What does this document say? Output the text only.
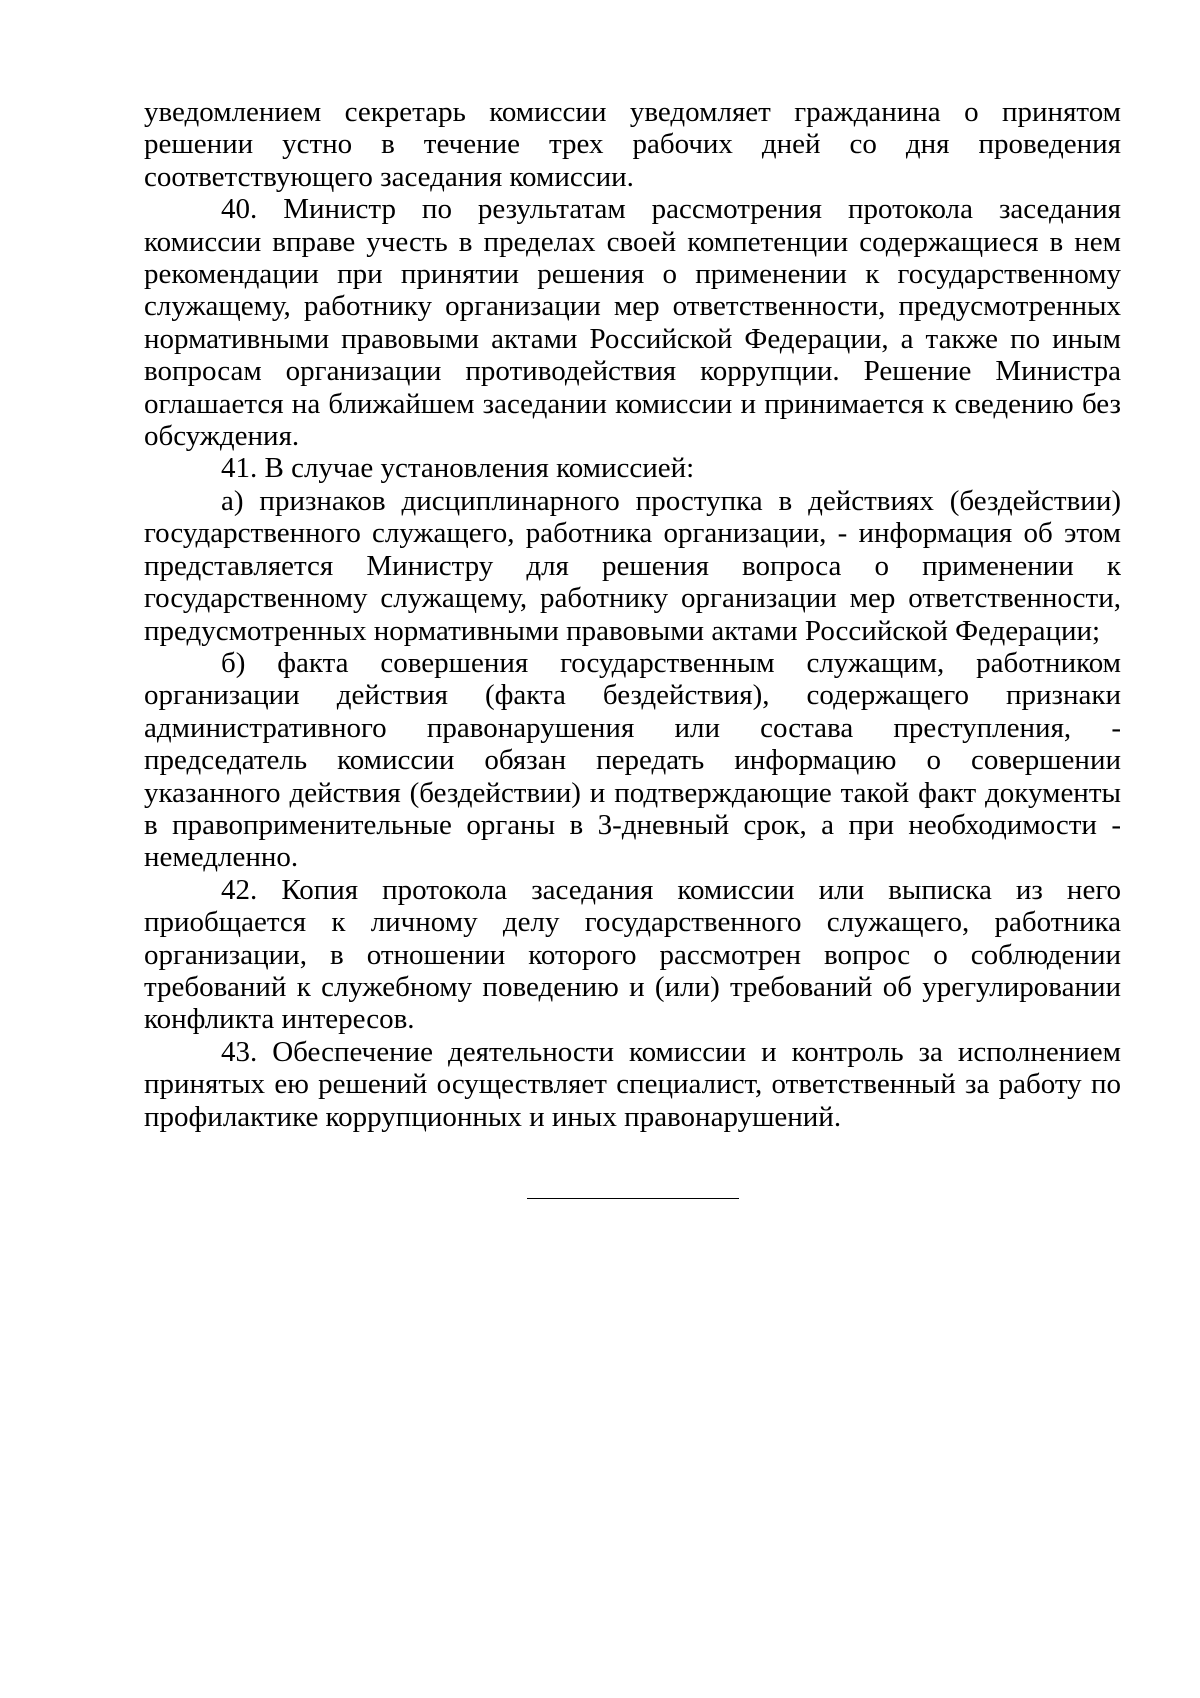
уведомлением секретарь комиссии уведомляет гражданина о принятом решении устно в течение трех рабочих дней со дня проведения соответствующего заседания комиссии.

40. Министр по результатам рассмотрения протокола заседания комиссии вправе учесть в пределах своей компетенции содержащиеся в нем рекомендации при принятии решения о применении к государственному служащему, работнику организации мер ответственности, предусмотренных нормативными правовыми актами Российской Федерации, а также по иным вопросам организации противодействия коррупции. Решение Министра оглашается на ближайшем заседании комиссии и принимается к сведению без обсуждения.

41. В случае установления комиссией:

а) признаков дисциплинарного проступка в действиях (бездействии) государственного служащего, работника организации, - информация об этом представляется Министру для решения вопроса о применении к государственному служащему, работнику организации мер ответственности, предусмотренных нормативными правовыми актами Российской Федерации;

б) факта совершения государственным служащим, работником организации действия (факта бездействия), содержащего признаки административного правонарушения или состава преступления, - председатель комиссии обязан передать информацию о совершении указанного действия (бездействии) и подтверждающие такой факт документы в правоприменительные органы в 3-дневный срок, а при необходимости - немедленно.

42. Копия протокола заседания комиссии или выписка из него приобщается к личному делу государственного служащего, работника организации, в отношении которого рассмотрен вопрос о соблюдении требований к служебному поведению и (или) требований об урегулировании конфликта интересов.

43. Обеспечение деятельности комиссии и контроль за исполнением принятых ею решений осуществляет специалист, ответственный за работу по профилактике коррупционных и иных правонарушений.
